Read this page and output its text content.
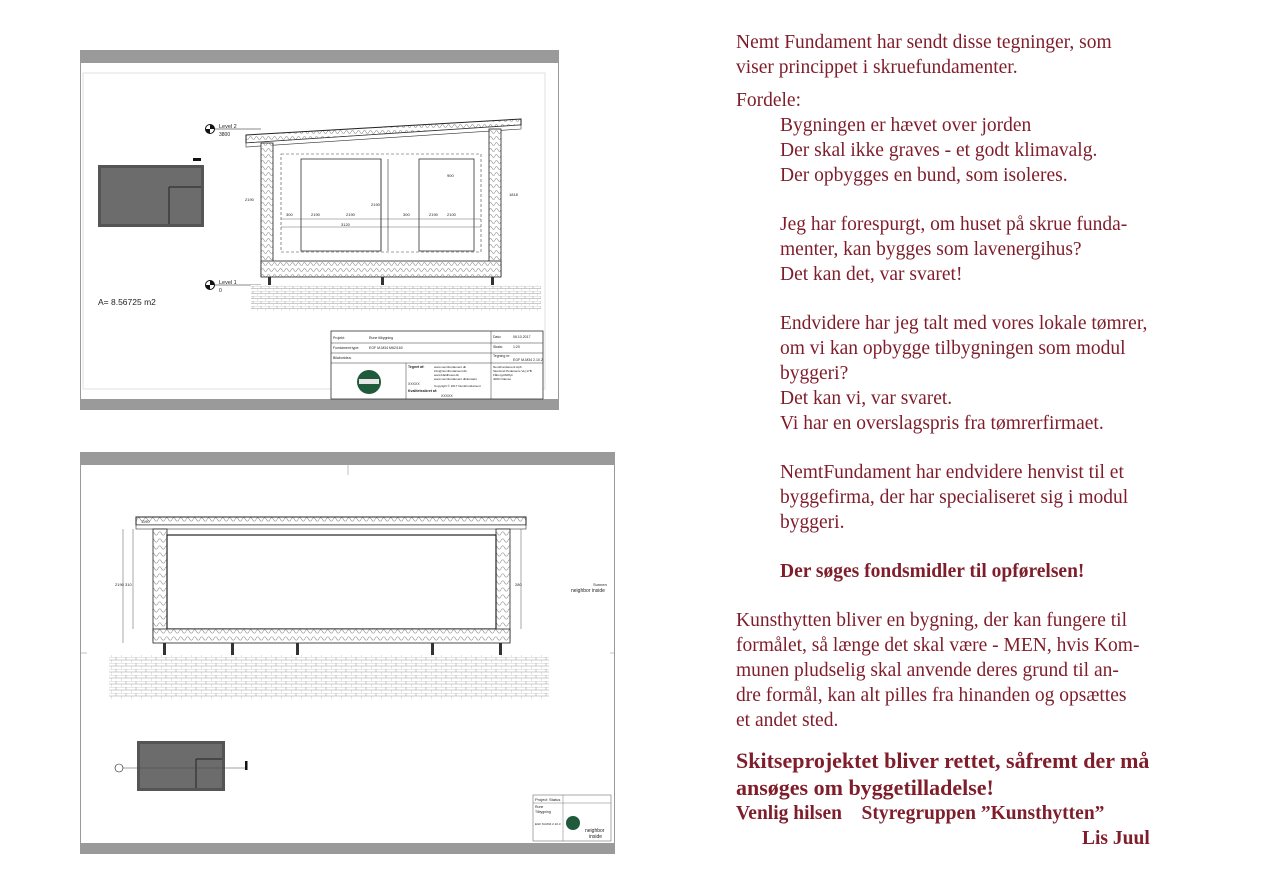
Level 2
3800
Level 1
0
A= 8.56725 m2
2190	2190
2190
2190
300	300
2190
3120
2100
1818
900
Projekt:	Rune tilbygning
Fundament type:	EGF M-M34 M62/160
Bilaburidea:
Dato:	06.10.2017
Skala:	1:20
Tegning nr:
EGF M-M34 2.10.2
Tegnet af:
XXXXX
www.nemtfundament.dk
info@nemtfundament.dk
www.blaldhuset.dk
www.nemtfundament.dk/kontakt
Copyright © 2017 NemtFundament
NemtFundament ApS
Skovlund Pedersens Vej 17B
Fåborg-Midtfyn
4000 Odense
Kvalitetssikret af:
XXXXX
2190 310	280
1190
Sunnen
neighbor inside
Project Status
Rune
Tilbygning
EGF M-M34 2.10.3
neighbor
inside

Nemt Fundament har sendt disse tegninger, som

viser princippet i skruefundamenter.

Fordele:

Bygningen er hævet over jorden

Der skal ikke graves - et godt klimavalg.

Der opbygges en bund, som isoleres.

Jeg har forespurgt, om huset på skrue funda-

menter, kan bygges som lavenergihus?

Det kan det, var svaret!

Endvidere har jeg talt med vores lokale tømrer,

om vi kan opbygge tilbygningen som modul

byggeri?

Det kan vi, var svaret.

Vi har en overslagspris fra tømrerfirmaet.

NemtFundament har endvidere henvist til et

byggefirma, der har specialiseret sig i modul

byggeri.

Der søges fondsmidler til opførelsen!

Kunsthytten bliver en bygning, der kan fungere til

formålet, så længe det skal være - MEN, hvis Kom-

munen pludselig skal anvende deres grund til an-

dre formål, kan alt pilles fra hinanden og opsættes

et andet sted.

Skitseprojektet bliver rettet, såfremt der må

ansøges om byggetilladelse!

Venlig hilsen Styregruppen ”Kunsthytten”

Lis Juul
